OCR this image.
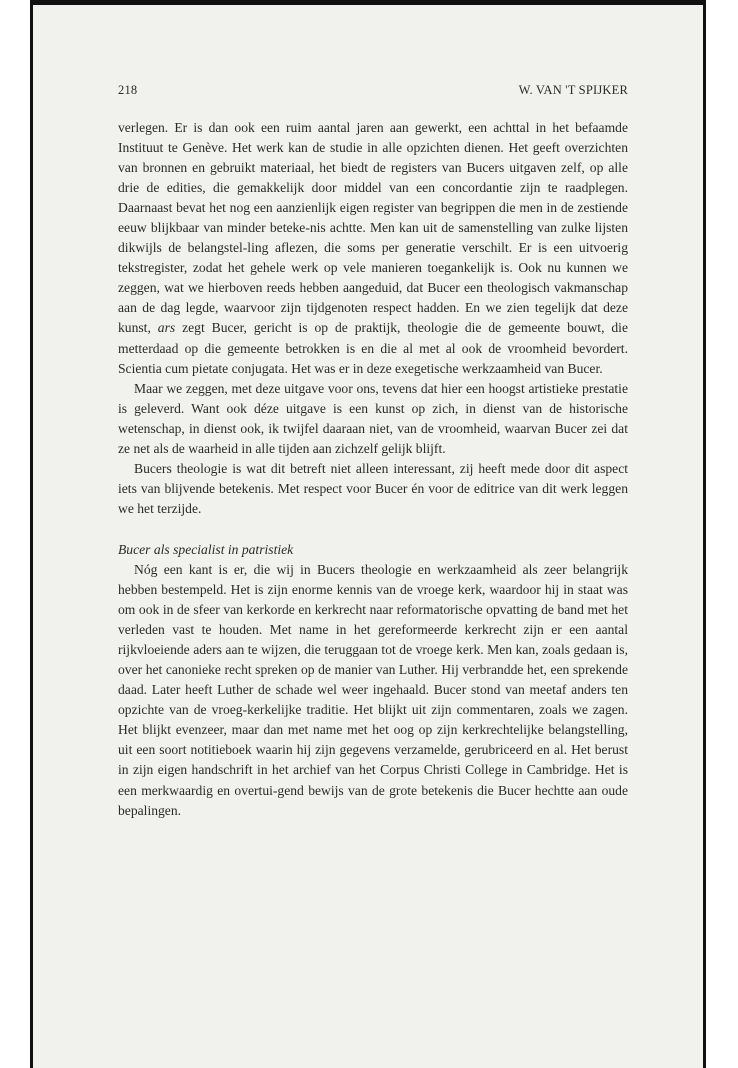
218	W. VAN 'T SPIJKER

verlegen. Er is dan ook een ruim aantal jaren aan gewerkt, een achttal in het befaamde Instituut te Genève. Het werk kan de studie in alle opzichten dienen. Het geeft overzichten van bronnen en gebruikt materiaal, het biedt de registers van Bucers uitgaven zelf, op alle drie de edities, die gemakkelijk door middel van een concordantie zijn te raadplegen. Daarnaast bevat het nog een aanzienlijk eigen register van begrippen die men in de zestiende eeuw blijkbaar van minder beteke-nis achtte. Men kan uit de samenstelling van zulke lijsten dikwijls de belangstel-ling aflezen, die soms per generatie verschilt. Er is een uitvoerig tekstregister, zodat het gehele werk op vele manieren toegankelijk is. Ook nu kunnen we zeggen, wat we hierboven reeds hebben aangeduid, dat Bucer een theologisch vakmanschap aan de dag legde, waarvoor zijn tijdgenoten respect hadden. En we zien tegelijk dat deze kunst, ars zegt Bucer, gericht is op de praktijk, theologie die de gemeente bouwt, die metterdaad op die gemeente betrokken is en die al met al ook de vroomheid bevordert. Scientia cum pietate conjugata. Het was er in deze exegetische werkzaamheid van Bucer.

Maar we zeggen, met deze uitgave voor ons, tevens dat hier een hoogst artistieke prestatie is geleverd. Want ook déze uitgave is een kunst op zich, in dienst van de historische wetenschap, in dienst ook, ik twijfel daaraan niet, van de vroomheid, waarvan Bucer zei dat ze net als de waarheid in alle tijden aan zichzelf gelijk blijft.

Bucers theologie is wat dit betreft niet alleen interessant, zij heeft mede door dit aspect iets van blijvende betekenis. Met respect voor Bucer én voor de editrice van dit werk leggen we het terzijde.

Bucer als specialist in patristiek

Nóg een kant is er, die wij in Bucers theologie en werkzaamheid als zeer belangrijk hebben bestempeld. Het is zijn enorme kennis van de vroege kerk, waardoor hij in staat was om ook in de sfeer van kerkorde en kerkrecht naar reformatorische opvatting de band met het verleden vast te houden. Met name in het gereformeerde kerkrecht zijn er een aantal rijkvloeiende aders aan te wijzen, die teruggaan tot de vroege kerk. Men kan, zoals gedaan is, over het canonieke recht spreken op de manier van Luther. Hij verbrandde het, een sprekende daad. Later heeft Luther de schade wel weer ingehaald. Bucer stond van meetaf anders ten opzichte van de vroeg-kerkelijke traditie. Het blijkt uit zijn commentaren, zoals we zagen. Het blijkt evenzeer, maar dan met name met het oog op zijn kerkrechtelijke belangstelling, uit een soort notitieboek waarin hij zijn gegevens verzamelde, gerubriceerd en al. Het berust in zijn eigen handschrift in het archief van het Corpus Christi College in Cambridge. Het is een merkwaardig en overtui-gend bewijs van de grote betekenis die Bucer hechtte aan oude bepalingen.
